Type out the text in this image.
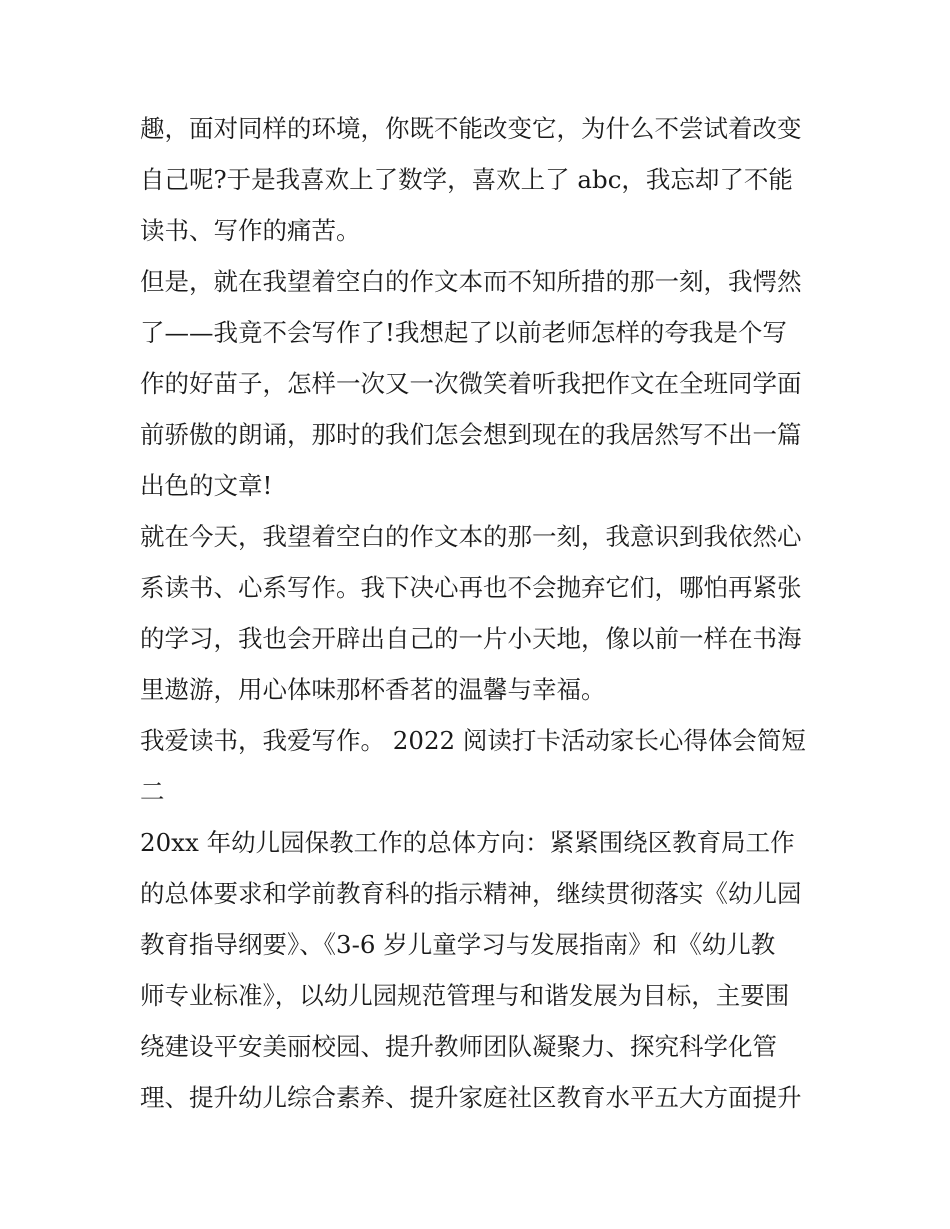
趣，面对同样的环境，你既不能改变它，为什么不尝试着改变
自己呢?于是我喜欢上了数学，喜欢上了 abc，我忘却了不能
读书、写作的痛苦。
但是，就在我望着空白的作文本而不知所措的那一刻，我愕然
了——我竟不会写作了!我想起了以前老师怎样的夸我是个写
作的好苗子，怎样一次又一次微笑着听我把作文在全班同学面
前骄傲的朗诵，那时的我们怎会想到现在的我居然写不出一篇
出色的文章!
就在今天，我望着空白的作文本的那一刻，我意识到我依然心
系读书、心系写作。我下决心再也不会抛弃它们，哪怕再紧张
的学习，我也会开辟出自己的一片小天地，像以前一样在书海
里遨游，用心体味那杯香茗的温馨与幸福。
我爱读书，我爱写作。 2022 阅读打卡活动家长心得体会简短
二
20xx 年幼儿园保教工作的总体方向：紧紧围绕区教育局工作
的总体要求和学前教育科的指示精神，继续贯彻落实《幼儿园
教育指导纲要》、《3-6 岁儿童学习与发展指南》和《幼儿教
师专业标准》，以幼儿园规范管理与和谐发展为目标，主要围
绕建设平安美丽校园、提升教师团队凝聚力、探究科学化管
理、提升幼儿综合素养、提升家庭社区教育水平五大方面提升
